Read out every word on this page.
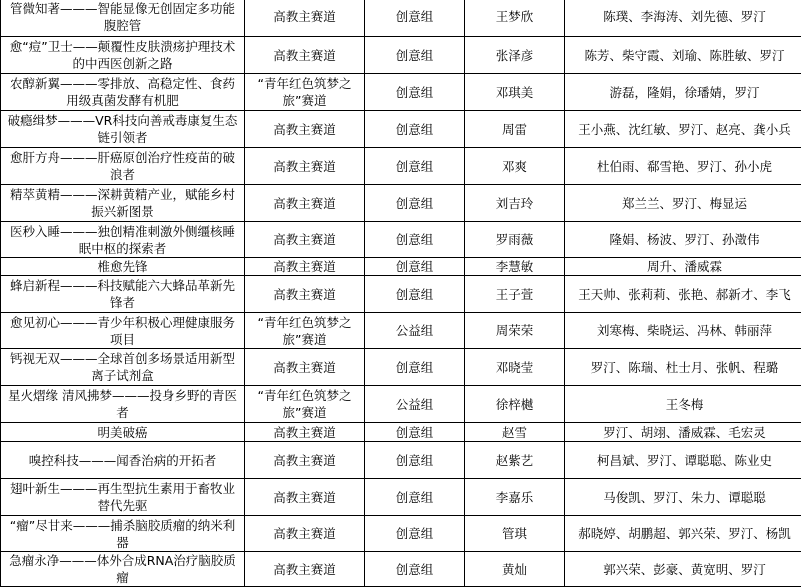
管微知著———智能显像无创固定多功能腹腔管	高教主赛道	创意组	王梦欣	陈璞、李海涛、刘先德、罗汀
愈“痘”卫士——颠覆性皮肤溃疡护理技术的中西医创新之路	高教主赛道	创意组	张泽彦	陈芳、柴守霞、刘瑜、陈胜敏、罗汀
农醇新翼———零排放、高稳定性、食药用级真菌发酵有机肥	“青年红色筑梦之旅”赛道	创意组	邓琪美	游磊，隆娟，徐璠婧，罗汀
破瘾缉梦———VR科技向善戒毒康复生态链引领者	高教主赛道	创意组	周雷	王小燕、沈红敏、罗汀、赵亮、龚小兵
愈肝方舟———肝癌原创治疗性疫苗的破浪者	高教主赛道	创意组	邓爽	杜伯雨、郗雪艳、罗汀、孙小虎
精萃黄精———深耕黄精产业，赋能乡村振兴新图景	高教主赛道	创意组	刘吉玲	郑兰兰、罗汀、梅显运
医秒入睡———独创精准刺激外侧缰核睡眠中枢的探索者	高教主赛道	创意组	罗雨薇	隆娟、杨波、罗汀、孙澂伟
椎愈先锋	高教主赛道	创意组	李慧敏	周升、潘威霖
蜂启新程———科技赋能六大蜂品革新先锋者	高教主赛道	创意组	王子萱	王天帅、张莉莉、张艳、郝新才、李飞
愈见初心———青少年积极心理健康服务项目	“青年红色筑梦之旅”赛道	公益组	周荣荣	刘寒梅、柴晓运、冯林、韩丽萍
钙视无双———全球首创多场景适用新型离子试剂盒	高教主赛道	创意组	邓晓莹	罗汀、陈瑞、杜士月、张帆、程璐
星火熠缘 清风拂梦———投身乡野的青医者	“青年红色筑梦之旅”赛道	公益组	徐梓樾	王冬梅
明美破癌	高教主赛道	创意组	赵雪	罗汀、胡翊、潘威霖、毛宏灵
嗅控科技———闻香治病的开拓者	高教主赛道	创意组	赵紫艺	柯昌斌、罗汀、谭聪聪、陈业史
翅叶新生———再生型抗生素用于畜牧业替代先驱	高教主赛道	创意组	李嘉乐	马俊凯、罗汀、朱力、谭聪聪
“瘤”尽甘来———捕杀脑胶质瘤的纳米利器	高教主赛道	创意组	管琪	郝晓婷、胡鹏超、郭兴荣、罗汀、杨凯
急瘤永净———体外合成RNA治疗脑胶质瘤	高教主赛道	创意组	黄灿	郭兴荣、彭豪、黄宽明、罗汀
